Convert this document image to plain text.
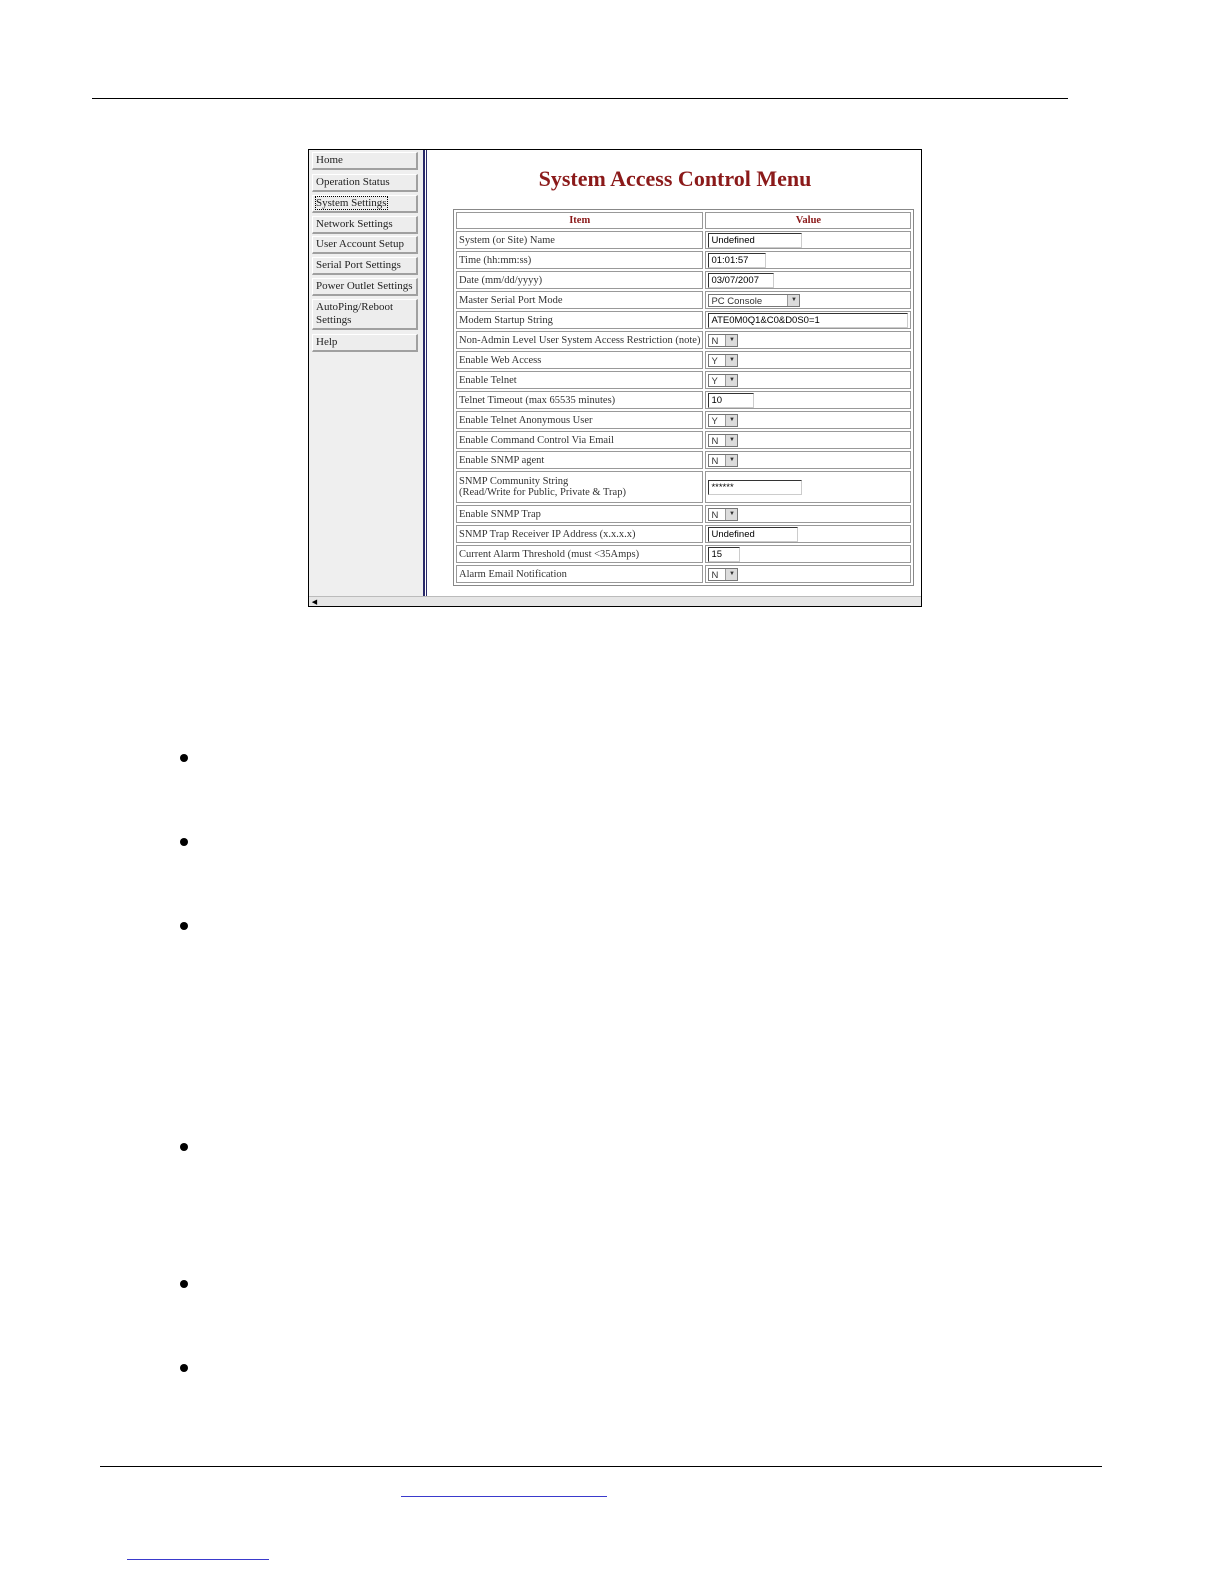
Home
Operation Status
System Settings
Network Settings
User Account Setup
Serial Port Settings
Power Outlet Settings
AutoPing/Reboot Settings
Help
System Access Control Menu
Item	Value
System (or Site) Name	Undefined
Time (hh:mm:ss)	01:01:57
Date (mm/dd/yyyy)	03/07/2007
Master Serial Port Mode	PC Console ▼

Modem Startup String	ATE0M0Q1&C0&D0S0=1
Non-Admin Level User System Access Restriction (note)	N ▼

Enable Web Access	Y ▼

Enable Telnet	Y ▼

Telnet Timeout (max 65535 minutes)	10
Enable Telnet Anonymous User	Y ▼

Enable Command Control Via Email	N ▼

Enable SNMP agent	N ▼

SNMP Community String
(Read/Write for Public, Private & Trap)	******
Enable SNMP Trap	N ▼

SNMP Trap Receiver IP Address (x.x.x.x)	Undefined
Current Alarm Threshold (must <35Amps)	15
Alarm Email Notification	N ▼
◀
